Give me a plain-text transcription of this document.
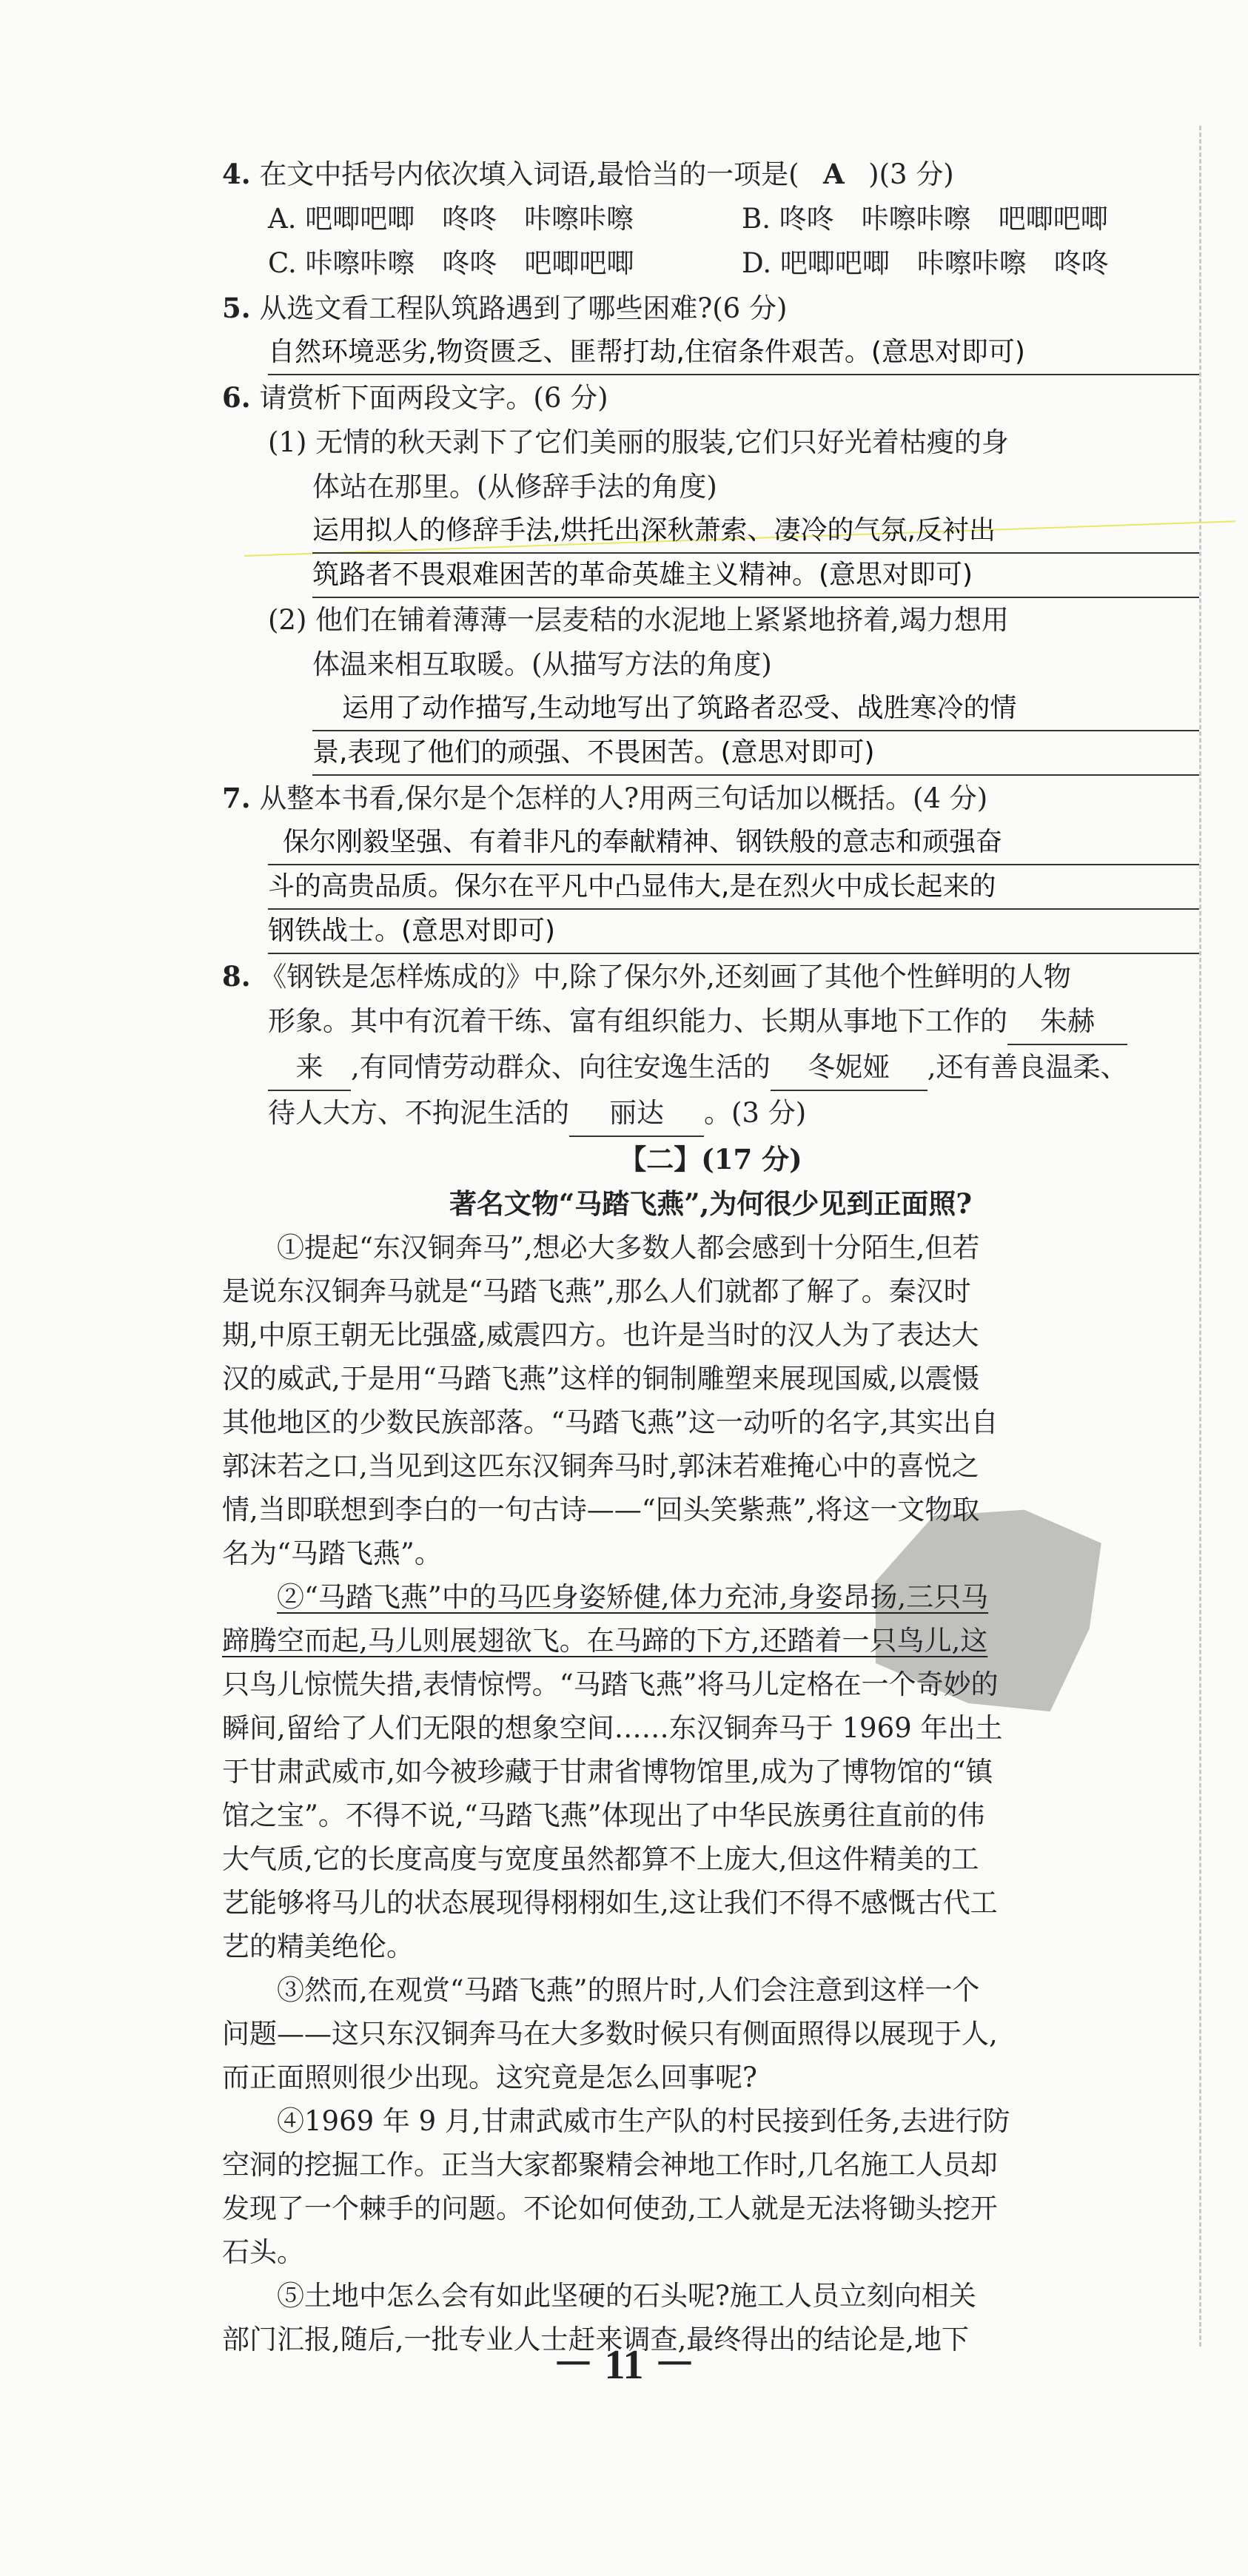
4. 在文中括号内依次填入词语,最恰当的一项是( A )(3 分)
A. 吧唧吧唧　咚咚　咔嚓咔嚓	B. 咚咚　咔嚓咔嚓　吧唧吧唧
C. 咔嚓咔嚓　咚咚　吧唧吧唧	D. 吧唧吧唧　咔嚓咔嚓　咚咚
5. 从选文看工程队筑路遇到了哪些困难?(6 分)
自然环境恶劣,物资匮乏、匪帮打劫,住宿条件艰苦。(意思对即可)
6. 请赏析下面两段文字。(6 分)
(1) 无情的秋天剥下了它们美丽的服装,它们只好光着枯瘦的身
体站在那里。(从修辞手法的角度)
运用拟人的修辞手法,烘托出深秋萧索、凄冷的气氛,反衬出
筑路者不畏艰难困苦的革命英雄主义精神。(意思对即可)
(2) 他们在铺着薄薄一层麦秸的水泥地上紧紧地挤着,竭力想用
体温来相互取暖。(从描写方法的角度)
运用了动作描写,生动地写出了筑路者忍受、战胜寒冷的情
景,表现了他们的顽强、不畏困苦。(意思对即可)
7. 从整本书看,保尔是个怎样的人?用两三句话加以概括。(4 分)
保尔刚毅坚强、有着非凡的奉献精神、钢铁般的意志和顽强奋
斗的高贵品质。保尔在平凡中凸显伟大,是在烈火中成长起来的
钢铁战士。(意思对即可)
8. 《钢铁是怎样炼成的》中,除了保尔外,还刻画了其他个性鲜明的人物
形象。其中有沉着干练、富有组织能力、长期从事地下工作的 朱赫
来 ,有同情劳动群众、向往安逸生活的 冬妮娅 ,还有善良温柔、
待人大方、不拘泥生活的 丽达 。(3 分)
【二】(17 分)
著名文物“马踏飞燕”,为何很少见到正面照?
①提起“东汉铜奔马”,想必大多数人都会感到十分陌生,但若
是说东汉铜奔马就是“马踏飞燕”,那么人们就都了解了。秦汉时
期,中原王朝无比强盛,威震四方。也许是当时的汉人为了表达大
汉的威武,于是用“马踏飞燕”这样的铜制雕塑来展现国威,以震慑
其他地区的少数民族部落。“马踏飞燕”这一动听的名字,其实出自
郭沫若之口,当见到这匹东汉铜奔马时,郭沫若难掩心中的喜悦之
情,当即联想到李白的一句古诗——“回头笑紫燕”,将这一文物取
名为“马踏飞燕”。
②“马踏飞燕”中的马匹身姿矫健,体力充沛,身姿昂扬,三只马
蹄腾空而起,马儿则展翅欲飞。在马蹄的下方,还踏着一只鸟儿,这
只鸟儿惊慌失措,表情惊愕。“马踏飞燕”将马儿定格在一个奇妙的
瞬间,留给了人们无限的想象空间……东汉铜奔马于 1969 年出土
于甘肃武威市,如今被珍藏于甘肃省博物馆里,成为了博物馆的“镇
馆之宝”。不得不说,“马踏飞燕”体现出了中华民族勇往直前的伟
大气质,它的长度高度与宽度虽然都算不上庞大,但这件精美的工
艺能够将马儿的状态展现得栩栩如生,这让我们不得不感慨古代工
艺的精美绝伦。
③然而,在观赏“马踏飞燕”的照片时,人们会注意到这样一个
问题——这只东汉铜奔马在大多数时候只有侧面照得以展现于人,
而正面照则很少出现。这究竟是怎么回事呢?
④1969 年 9 月,甘肃武威市生产队的村民接到任务,去进行防
空洞的挖掘工作。正当大家都聚精会神地工作时,几名施工人员却
发现了一个棘手的问题。不论如何使劲,工人就是无法将锄头挖开
石头。
⑤土地中怎么会有如此坚硬的石头呢?施工人员立刻向相关
部门汇报,随后,一批专业人士赶来调查,最终得出的结论是,地下
－ 11 －
